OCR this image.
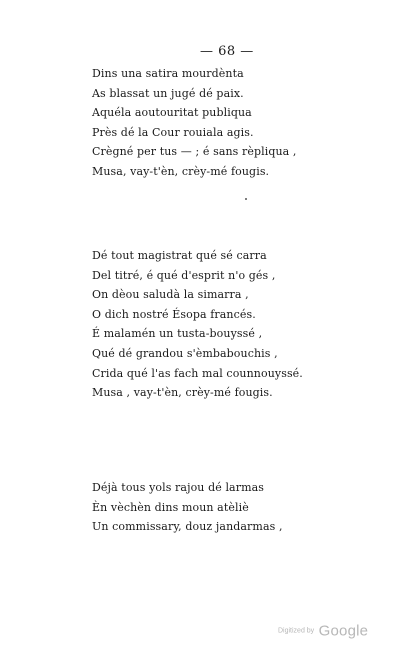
— 68 —
Dins una satira mourdènta
As blassat un jugé dé paix.
Aquéla aoutouritat publiqua
Près dé la Cour rouiala agis.
Crègné per tus — ; é sans rèpliqua ,
Musa, vay-t'èn, crèy-mé fougis.
Dé tout magistrat qué sé carra
Del titré, é qué d'esprit n'o gés ,
On dèou saludà la simarra ,
O dich nostré Ésopa francés.
É malamén un tusta-bouyssé ,
Qué dé grandou s'èmbabouchis ,
Crida qué l'as fach mal counnouyssé.
Musa , vay-t'èn, crèy-mé fougis.
Déjà tous yols rajou dé larmas
Èn vèchèn dins moun atèliè
Un commissary, douz jandarmas ,
Digitized by Google
